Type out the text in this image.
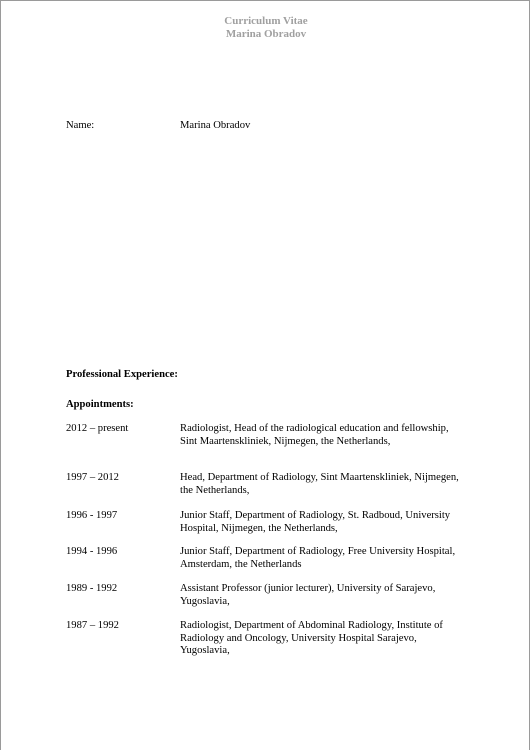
Curriculum Vitae
Marina Obradov
Name:	Marina Obradov
Professional Experience:
Appointments:
2012 – present	Radiologist, Head of the radiological education and fellowship,
Sint Maartenskliniek, Nijmegen, the Netherlands,
1997 – 2012	Head, Department of Radiology, Sint Maartenskliniek, Nijmegen,
the Netherlands,
1996 - 1997	Junior Staff, Department of Radiology, St. Radboud, University
Hospital, Nijmegen, the Netherlands,
1994 - 1996	Junior Staff, Department of Radiology, Free University Hospital,
Amsterdam, the Netherlands
1989 - 1992	Assistant Professor (junior lecturer), University of Sarajevo,
Yugoslavia,
1987 – 1992	Radiologist, Department of Abdominal Radiology, Institute of
Radiology and Oncology, University Hospital Sarajevo,
Yugoslavia,
